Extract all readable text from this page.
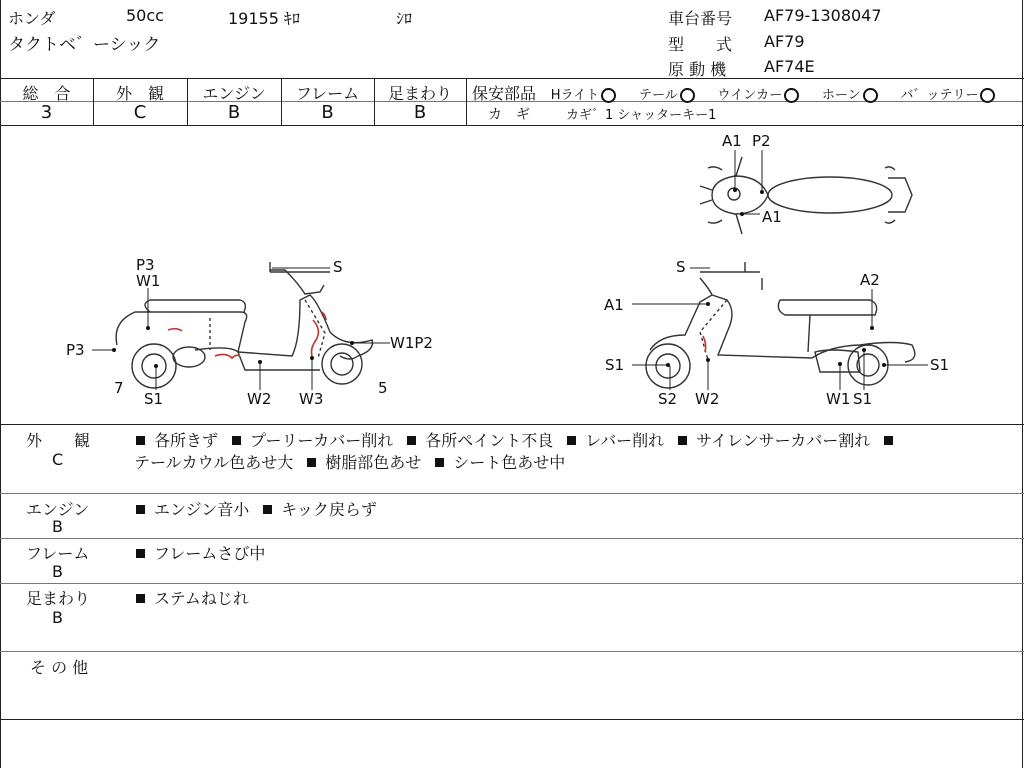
ホンダ	50cc	19155 ｷﾛ	ｼﾛ
タクトベ゛ーシック
車台番号 AF79-1308047
型　　式 AF79
原 動 機 AF74E
総　合	外　観	エンジン	フレーム	足まわり
3	C	B	B	B
保安部品 Hライト	テール	ウインカー	ホーン	バ゛ッテリー
カ　ギ	カギ゛1 シャッターキー1
P3
W1
S
P3	W1P2
7
S1	W2 W3
5
A1 P2
A1
S
A1
A2
S1	S1
S2 W2	W1 S1
外　　観
C
各所きず プーリーカバー削れ 各所ペイント不良 レバー削れ サイレンサーカバー割れ
テールカウル色あせ大 樹脂部色あせ シート色あせ中
エンジン
B
エンジン音小 キック戻らず
フレーム
B
フレームさび中
足まわり
B
ステムねじれ
そ の 他
